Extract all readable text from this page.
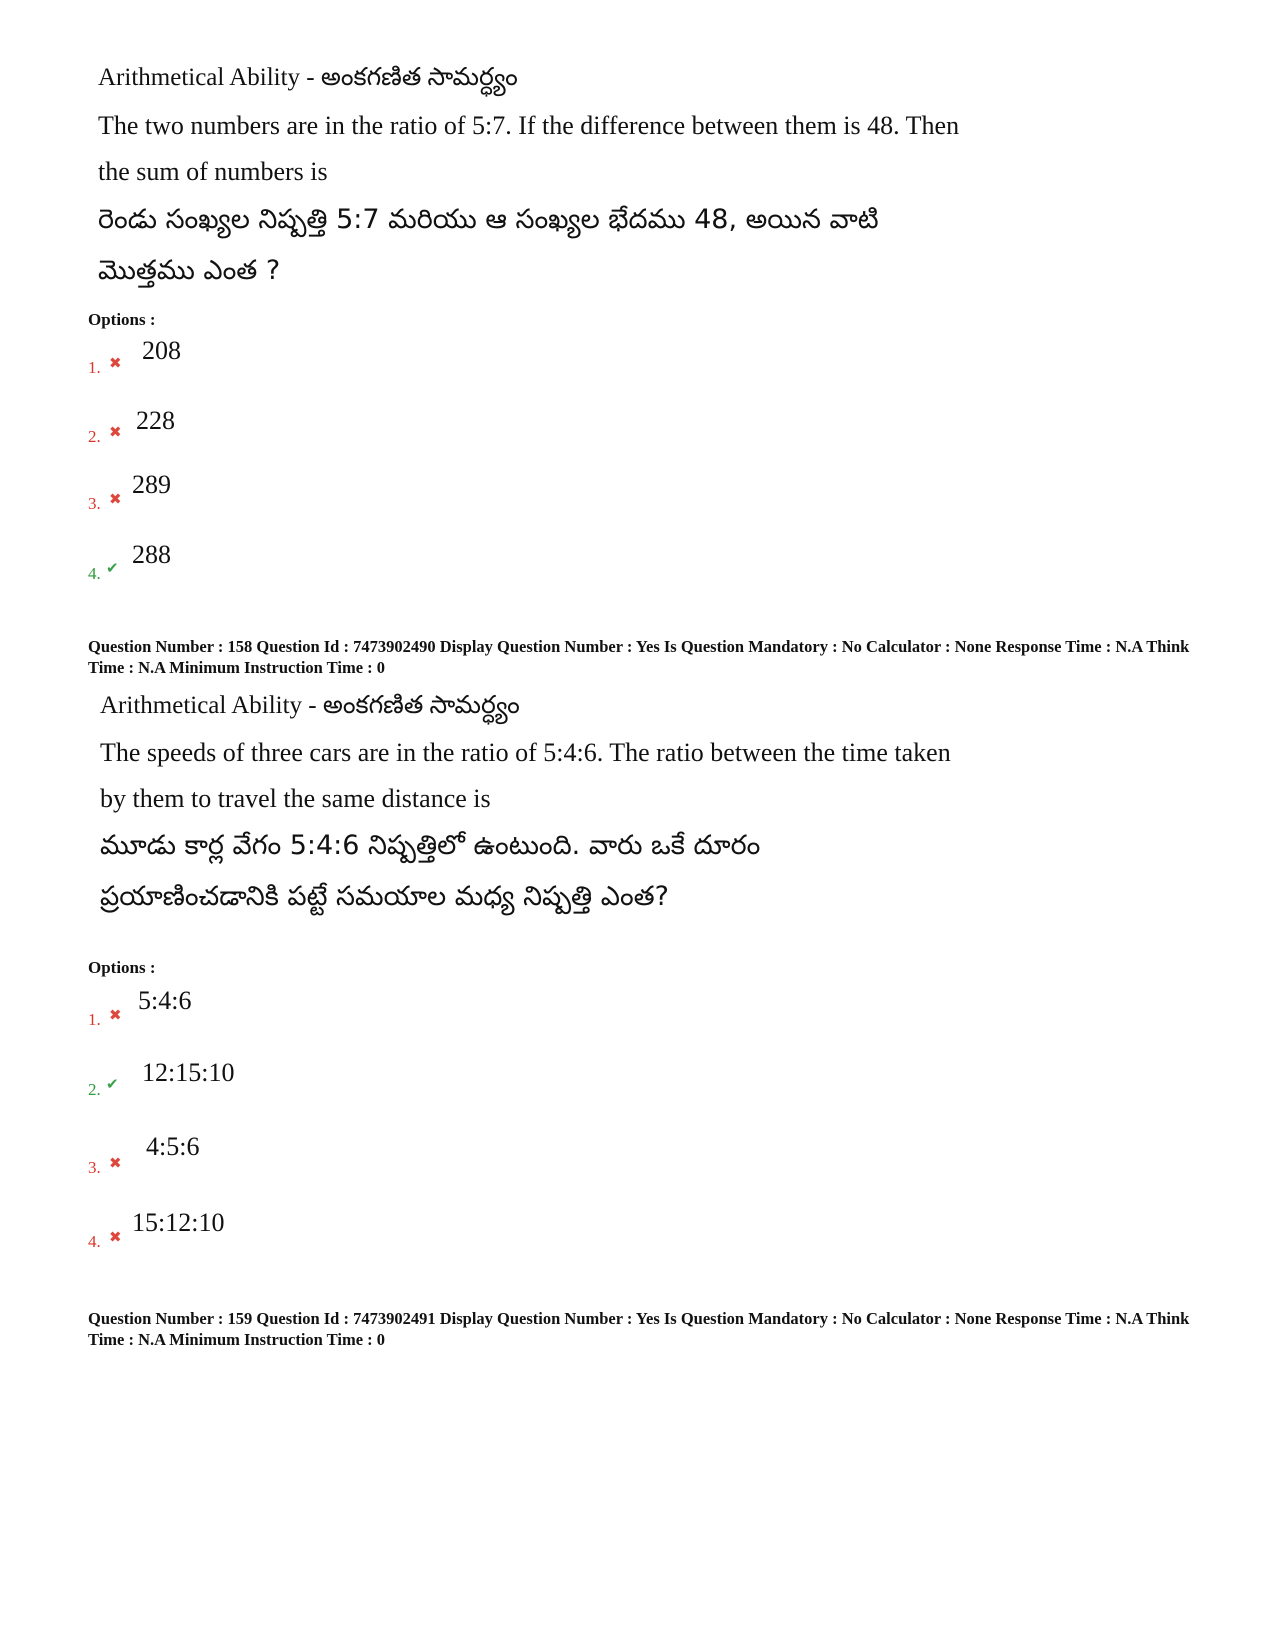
Arithmetical Ability - అంకగణిత సామర్ధ్యం
The two numbers are in the ratio of 5:7. If the difference between them is 48. Then
the sum of numbers is
రెండు సంఖ్యల నిష్పత్తి 5:7 మరియు ఆ సంఖ్యల భేదము 48, అయిన వాటి
మొత్తము ఎంత ?
Options :
1. ✖ 208
2. ✖ 228
3. ✖ 289
4. ✔ 288
Question Number : 158 Question Id : 7473902490 Display Question Number : Yes Is Question Mandatory : No Calculator : None Response Time : N.A Think Time : N.A Minimum Instruction Time : 0
Arithmetical Ability - అంకగణిత సామర్ధ్యం
The speeds of three cars are in the ratio of 5:4:6. The ratio between the time taken
by them to travel the same distance is
మూడు కార్ల వేగం 5:4:6 నిష్పత్తిలో ఉంటుంది. వారు ఒకే దూరం
ప్రయాణించడానికి పట్టే సమయాల మధ్య నిష్పత్తి ఎంత?
Options :
1. ✖ 5:4:6
2. ✔ 12:15:10
3. ✖
4:5:6
4. ✖ 15:12:10
Question Number : 159 Question Id : 7473902491 Display Question Number : Yes Is Question Mandatory : No Calculator : None Response Time : N.A Think Time : N.A Minimum Instruction Time : 0
